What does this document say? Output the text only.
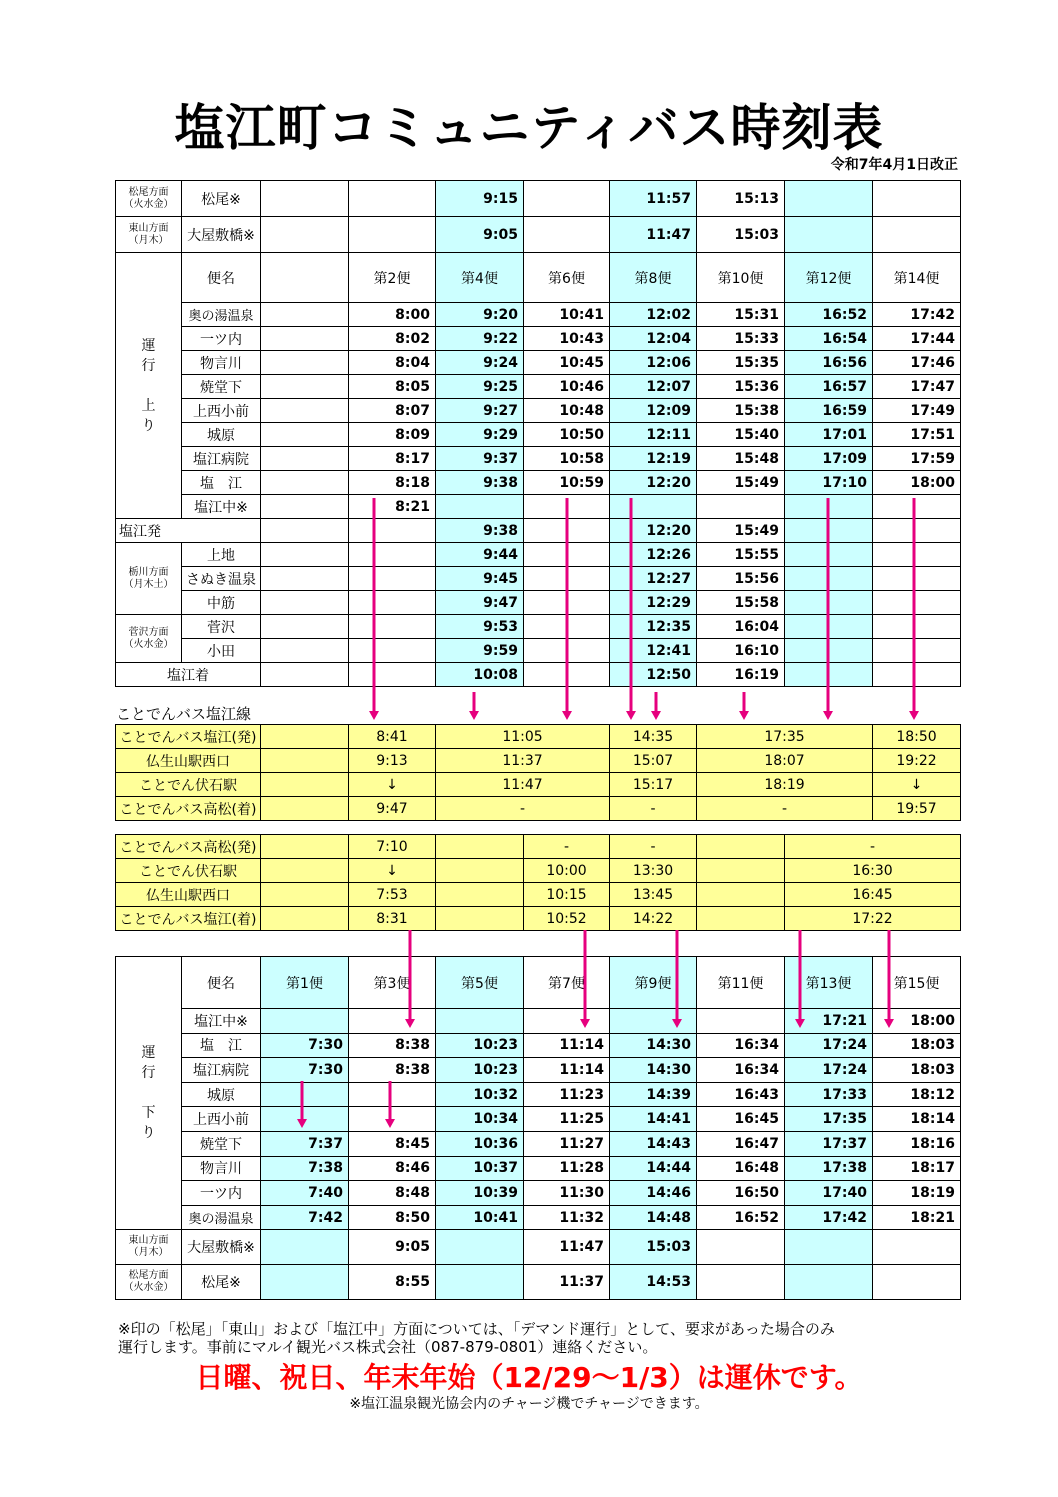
塩江町コミュニティバス時刻表
令和7年4月1日改正
松尾方面
（火水金）	松尾※			9:15		11:57	15:13		
東山方面
（月木）	大屋敷橋※			9:05		11:47	15:03		
運
行

上
り	便名		第2便	第4便	第6便	第8便	第10便	第12便	第14便
	奥の湯温泉		8:00	9:20	10:41	12:02	15:31	16:52	17:42
	一ツ内		8:02	9:22	10:43	12:04	15:33	16:54	17:44
	物言川		8:04	9:24	10:45	12:06	15:35	16:56	17:46
	焼堂下		8:05	9:25	10:46	12:07	15:36	16:57	17:47
	上西小前		8:07	9:27	10:48	12:09	15:38	16:59	17:49
	城原		8:09	9:29	10:50	12:11	15:40	17:01	17:51
	塩江病院		8:17	9:37	10:58	12:19	15:48	17:09	17:59
	塩　江		8:18	9:38	10:59	12:20	15:49	17:10	18:00
	塩江中※		8:21						
塩江発				9:38		12:20	15:49		
栃川方面
（月木土）	上地			9:44		12:26	15:55		
	さぬき温泉			9:45		12:27	15:56		
	中筋			9:47		12:29	15:58		
菅沢方面
（火水金）	菅沢			9:53		12:35	16:04		
	小田			9:59		12:41	16:10		
塩江着				10:08		12:50	16:19		
ことでんバス塩江線
ことでんバス塩江(発)		8:41	11:05	14:35	17:35	18:50
仏生山駅西口		9:13	11:37	15:07	18:07	19:22
ことでん伏石駅		↓	11:47	15:17	18:19	↓
ことでんバス高松(着)		9:47	-	-	-	19:57
ことでんバス高松(発)		7:10		-	-		-
ことでん伏石駅		↓		10:00	13:30		16:30
仏生山駅西口		7:53		10:15	13:45		16:45
ことでんバス塩江(着)		8:31		10:52	14:22		17:22
運
行

下
り	便名	第1便	第3便	第5便	第7便	第9便	第11便	第13便	第15便
	塩江中※							17:21	18:00
	塩　江	7:30	8:38	10:23	11:14	14:30	16:34	17:24	18:03
	塩江病院	7:30	8:38	10:23	11:14	14:30	16:34	17:24	18:03
	城原			10:32	11:23	14:39	16:43	17:33	18:12
	上西小前			10:34	11:25	14:41	16:45	17:35	18:14
	焼堂下	7:37	8:45	10:36	11:27	14:43	16:47	17:37	18:16
	物言川	7:38	8:46	10:37	11:28	14:44	16:48	17:38	18:17
	一ツ内	7:40	8:48	10:39	11:30	14:46	16:50	17:40	18:19
	奥の湯温泉	7:42	8:50	10:41	11:32	14:48	16:52	17:42	18:21
東山方面
（月木）	大屋敷橋※		9:05		11:47	15:03			
松尾方面
（火水金）	松尾※		8:55		11:37	14:53			
※印の「松尾」「東山」および「塩江中」方面については、「デマンド運行」として、要求があった場合のみ
運行します。事前にマルイ観光バス株式会社（087-879-0801）連絡ください。
日曜、祝日、年末年始（12/29～1/3）は運休です。
※塩江温泉観光協会内のチャージ機でチャージできます。
